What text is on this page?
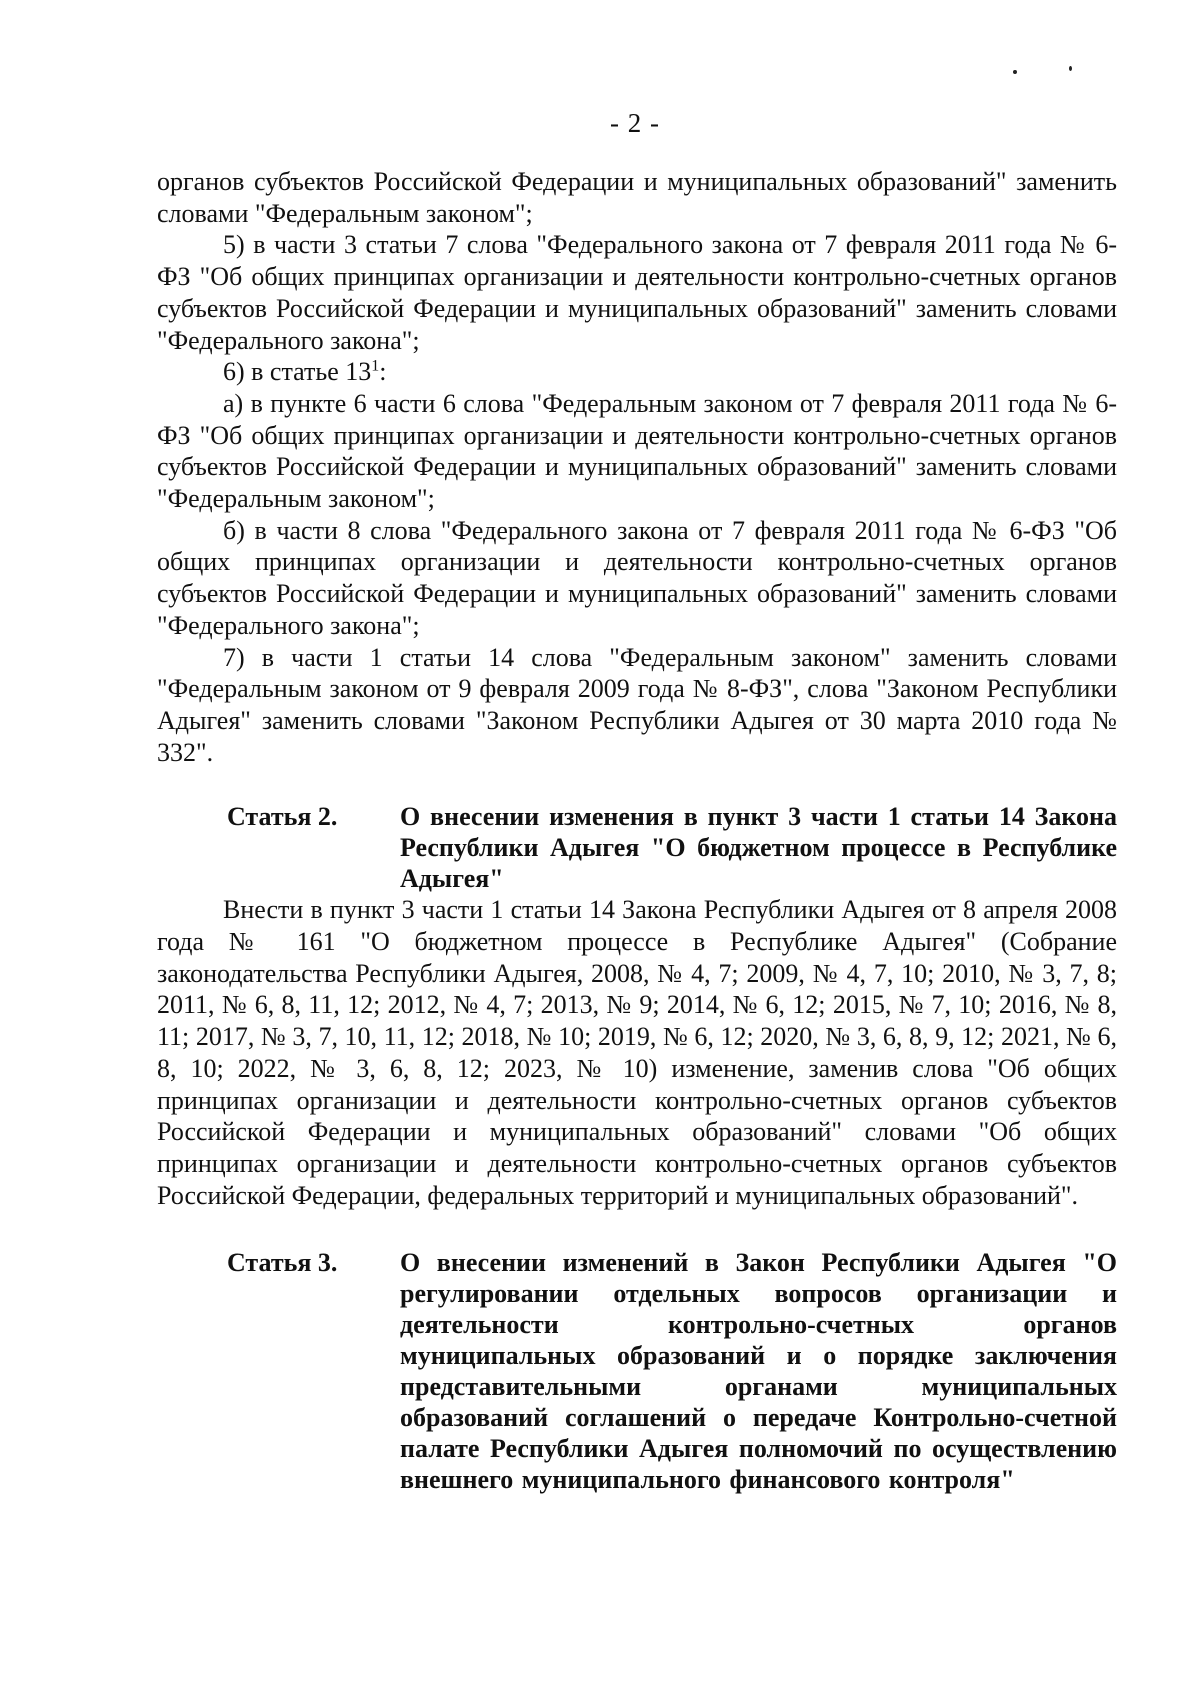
- 2 -

органов субъектов Российской Федерации и муниципальных образований" заменить словами "Федеральным законом";

5) в части 3 статьи 7 слова "Федерального закона от 7 февраля 2011 года № 6-ФЗ "Об общих принципах организации и деятельности контрольно-счетных органов субъектов Российской Федерации и муниципальных образований" заменить словами "Федерального закона";

6) в статье $13^1$:

а) в пункте 6 части 6 слова "Федеральным законом от 7 февраля 2011 года № 6-ФЗ "Об общих принципах организации и деятельности контрольно-счетных органов субъектов Российской Федерации и муниципальных образований" заменить словами "Федеральным законом";

б) в части 8 слова "Федерального закона от 7 февраля 2011 года № 6-ФЗ "Об общих принципах организации и деятельности контрольно-счетных органов субъектов Российской Федерации и муниципальных образований" заменить словами "Федерального закона";

7) в части 1 статьи 14 слова "Федеральным законом" заменить словами "Федеральным законом от 9 февраля 2009 года № 8-ФЗ", слова "Законом Республики Адыгея" заменить словами "Законом Республики Адыгея от 30 марта 2010 года № 332".

Статья 2. О внесении изменения в пункт 3 части 1 статьи 14 Закона Республики Адыгея "О бюджетном процессе в Республике Адыгея"

Внести в пункт 3 части 1 статьи 14 Закона Республики Адыгея от 8 апреля 2008 года № 161 "О бюджетном процессе в Республике Адыгея" (Собрание законодательства Республики Адыгея, 2008, № 4, 7; 2009, № 4, 7, 10; 2010, № 3, 7, 8; 2011, № 6, 8, 11, 12; 2012, № 4, 7; 2013, № 9; 2014, № 6, 12; 2015, № 7, 10; 2016, № 8, 11; 2017, № 3, 7, 10, 11, 12; 2018, № 10; 2019, № 6, 12; 2020, № 3, 6, 8, 9, 12; 2021, № 6, 8, 10; 2022, № 3, 6, 8, 12; 2023, № 10) изменение, заменив слова "Об общих принципах организации и деятельности контрольно-счетных органов субъектов Российской Федерации и муниципальных образований" словами "Об общих принципах организации и деятельности контрольно-счетных органов субъектов Российской Федерации, федеральных территорий и муниципальных образований".

Статья 3. О внесении изменений в Закон Республики Адыгея "О регулировании отдельных вопросов организации и деятельности контрольно-счетных органов муниципальных образований и о порядке заключения представительными органами муниципальных образований соглашений о передаче Контрольно-счетной палате Республики Адыгея полномочий по осуществлению внешнего муниципального финансового контроля"
